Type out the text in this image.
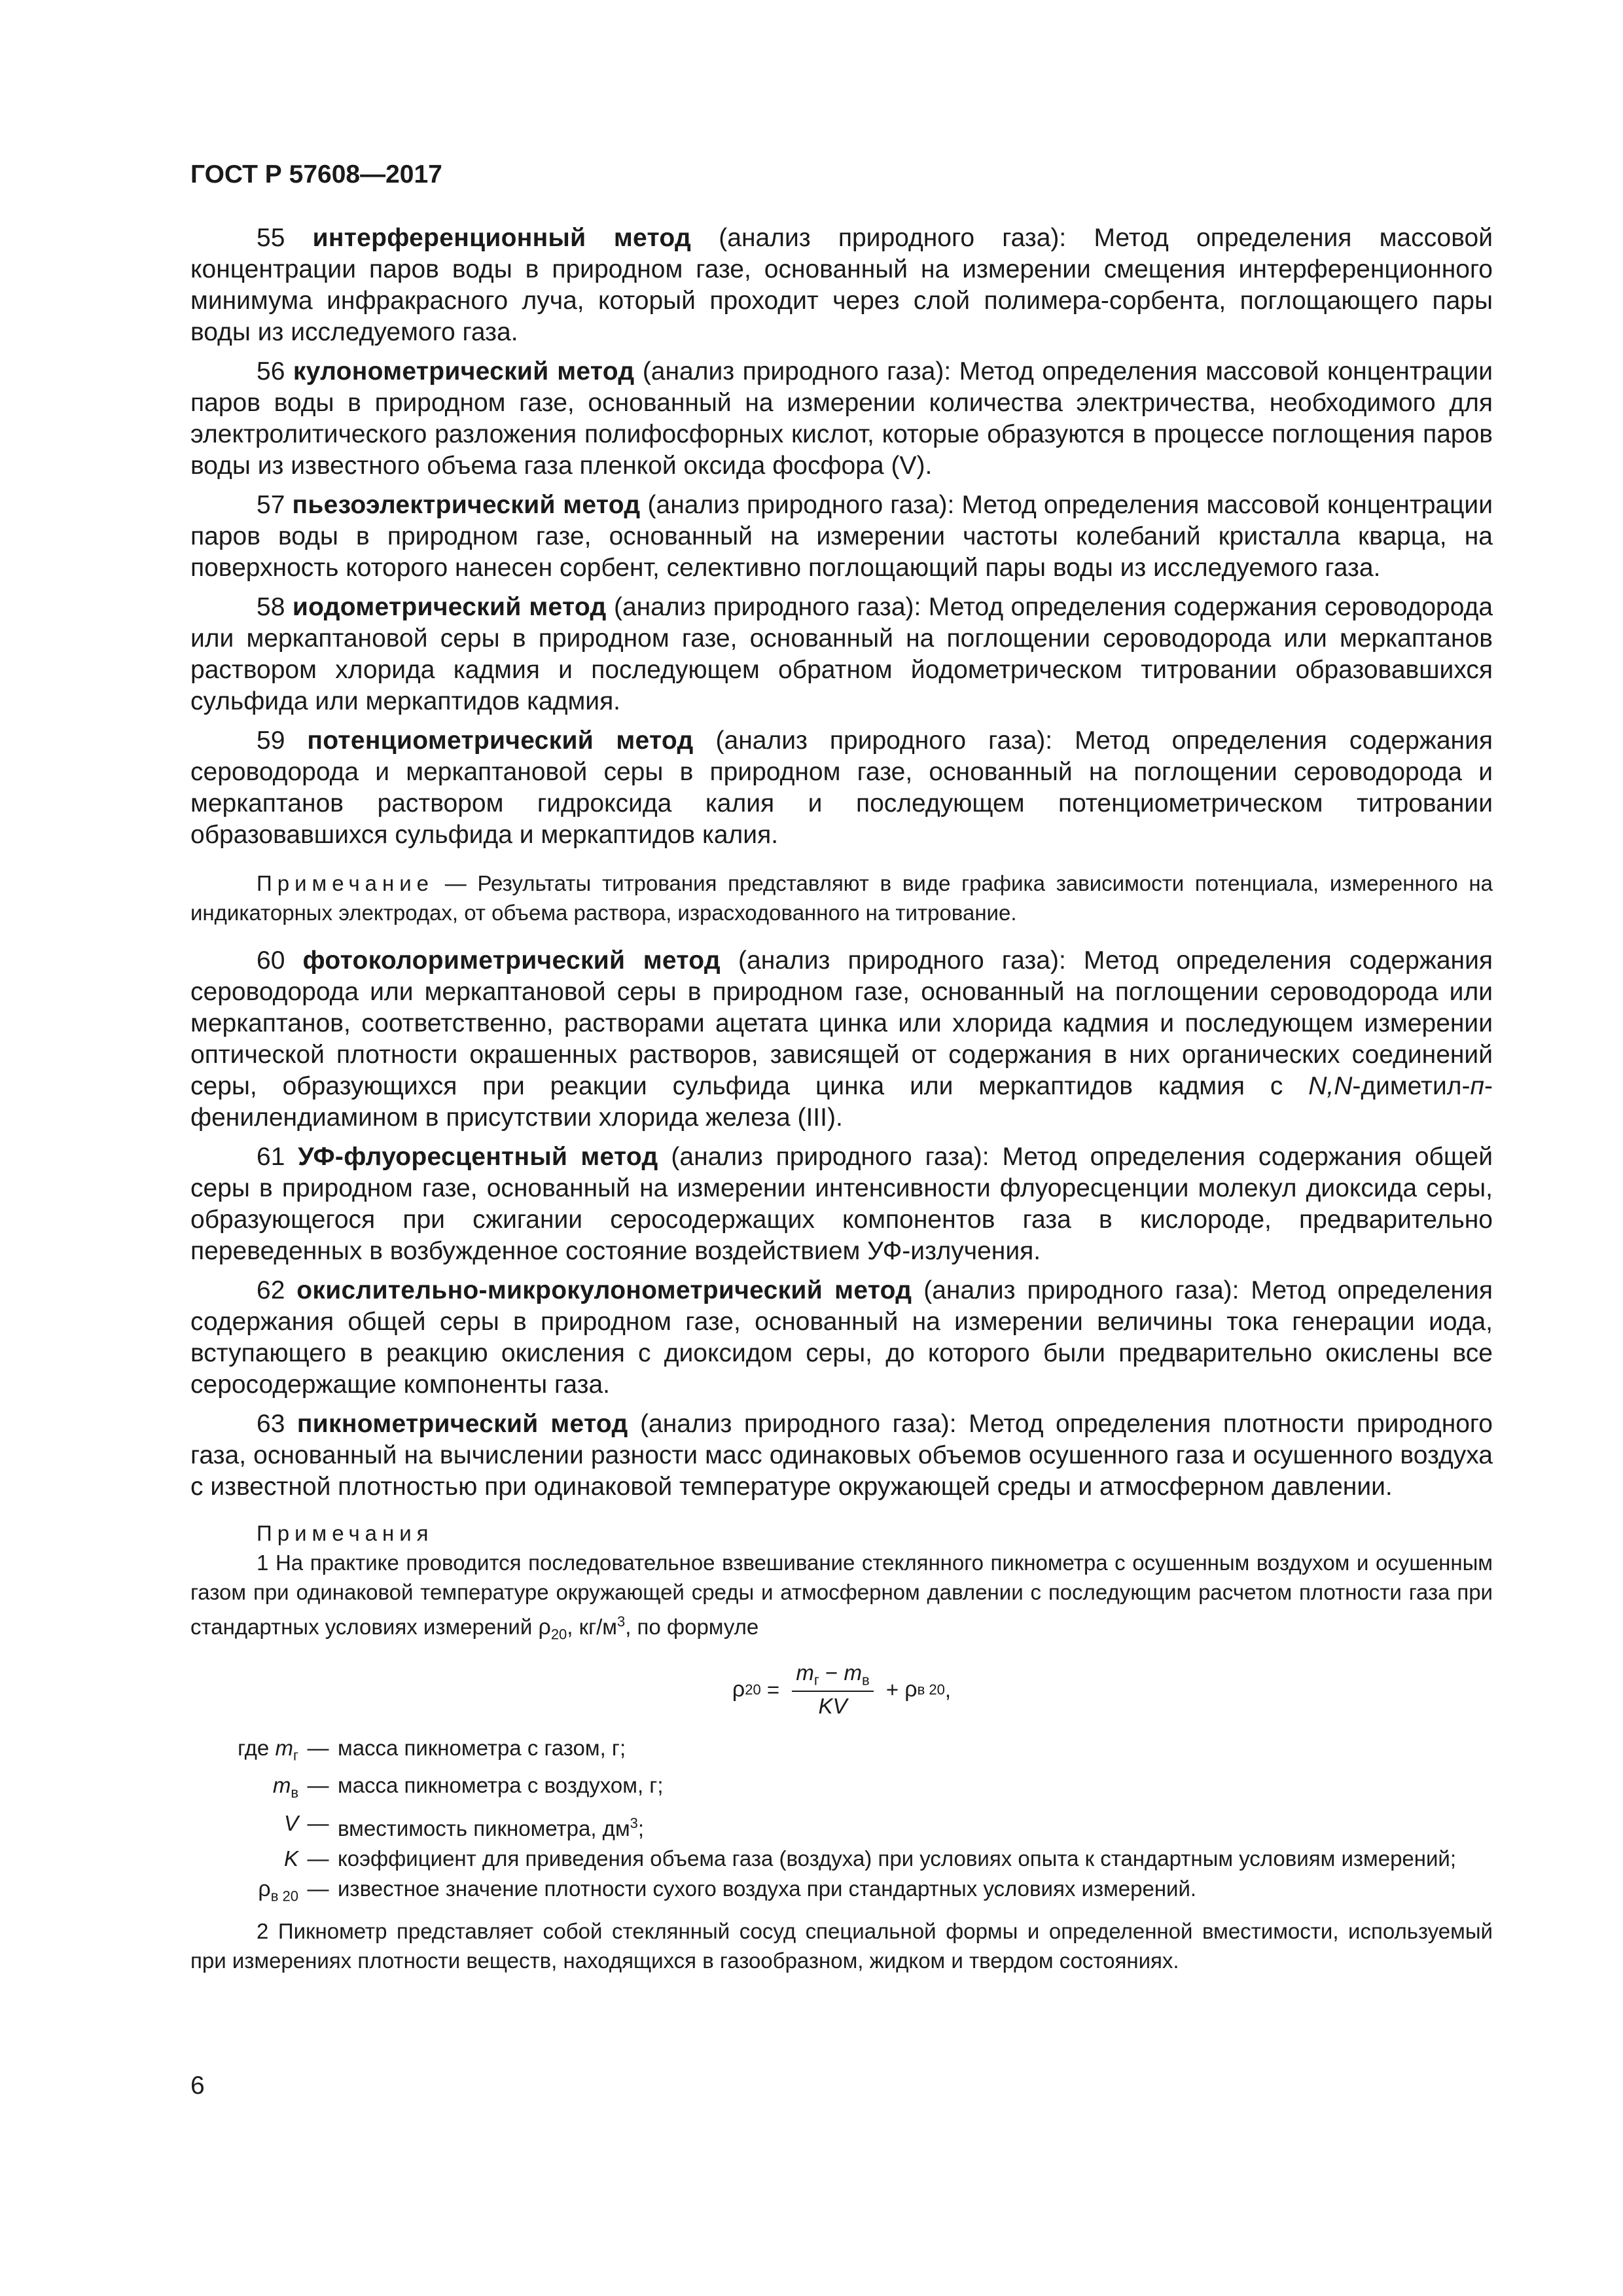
ГОСТ Р 57608—2017

55 интерференционный метод (анализ природного газа): Метод определения массовой концентрации паров воды в природном газе, основанный на измерении смещения интерференционного минимума инфракрасного луча, который проходит через слой полимера-сорбента, поглощающего пары воды из исследуемого газа.

56 кулонометрический метод (анализ природного газа): Метод определения массовой концентрации паров воды в природном газе, основанный на измерении количества электричества, необходимого для электролитического разложения полифосфорных кислот, которые образуются в процессе поглощения паров воды из известного объема газа пленкой оксида фосфора (V).

57 пьезоэлектрический метод (анализ природного газа): Метод определения массовой концентрации паров воды в природном газе, основанный на измерении частоты колебаний кристалла кварца, на поверхность которого нанесен сорбент, селективно поглощающий пары воды из исследуемого газа.

58 иодометрический метод (анализ природного газа): Метод определения содержания сероводорода или меркаптановой серы в природном газе, основанный на поглощении сероводорода или меркаптанов раствором хлорида кадмия и последующем обратном йодометрическом титровании образовавшихся сульфида или меркаптидов кадмия.

59 потенциометрический метод (анализ природного газа): Метод определения содержания сероводорода и меркаптановой серы в природном газе, основанный на поглощении сероводорода и меркаптанов раствором гидроксида калия и последующем потенциометрическом титровании образовавшихся сульфида и меркаптидов калия.

Примечание — Результаты титрования представляют в виде графика зависимости потенциала, измеренного на индикаторных электродах, от объема раствора, израсходованного на титрование.

60 фотоколориметрический метод (анализ природного газа): Метод определения содержания сероводорода или меркаптановой серы в природном газе, основанный на поглощении сероводорода или меркаптанов, соответственно, растворами ацетата цинка или хлорида кадмия и последующем измерении оптической плотности окрашенных растворов, зависящей от содержания в них органических соединений серы, образующихся при реакции сульфида цинка или меркаптидов кадмия с N,N-диметил-п-фенилендиамином в присутствии хлорида железа (III).

61 УФ-флуоресцентный метод (анализ природного газа): Метод определения содержания общей серы в природном газе, основанный на измерении интенсивности флуоресценции молекул диоксида серы, образующегося при сжигании серосодержащих компонентов газа в кислороде, предварительно переведенных в возбужденное состояние воздействием УФ-излучения.

62 окислительно-микрокулонометрический метод (анализ природного газа): Метод определения содержания общей серы в природном газе, основанный на измерении величины тока генерации иода, вступающего в реакцию окисления с диоксидом серы, до которого были предварительно окислены все серосодержащие компоненты газа.

63 пикнометрический метод (анализ природного газа): Метод определения плотности природного газа, основанный на вычислении разности масс одинаковых объемов осушенного газа и осушенного воздуха с известной плотностью при одинаковой температуре окружающей среды и атмосферном давлении.

Примечания

1 На практике проводится последовательное взвешивание стеклянного пикнометра с осушенным воздухом и осушенным газом при одинаковой температуре окружающей среды и атмосферном давлении с последующим расчетом плотности газа при стандартных условиях измерений $\rho_{20}$, $кг/м^3$, по формуле

ρ $20 = \frac{m_г - m_в}{KV} + \rho$ в 20 ,
где $m_г$ — масса пикнометра с газом, г;
$m_в$ — масса пикнометра с воздухом, г;
V — вместимость пикнометра, $дм^3$;
K — коэффициент для приведения объема газа (воздуха) при условиях опыта к стандартным условиям измерений;
$\rho_{в 20}$ — известное значение плотности сухого воздуха при стандартных условиях измерений.

2 Пикнометр представляет собой стеклянный сосуд специальной формы и определенной вместимости, используемый при измерениях плотности веществ, находящихся в газообразном, жидком и твердом состояниях.

6
